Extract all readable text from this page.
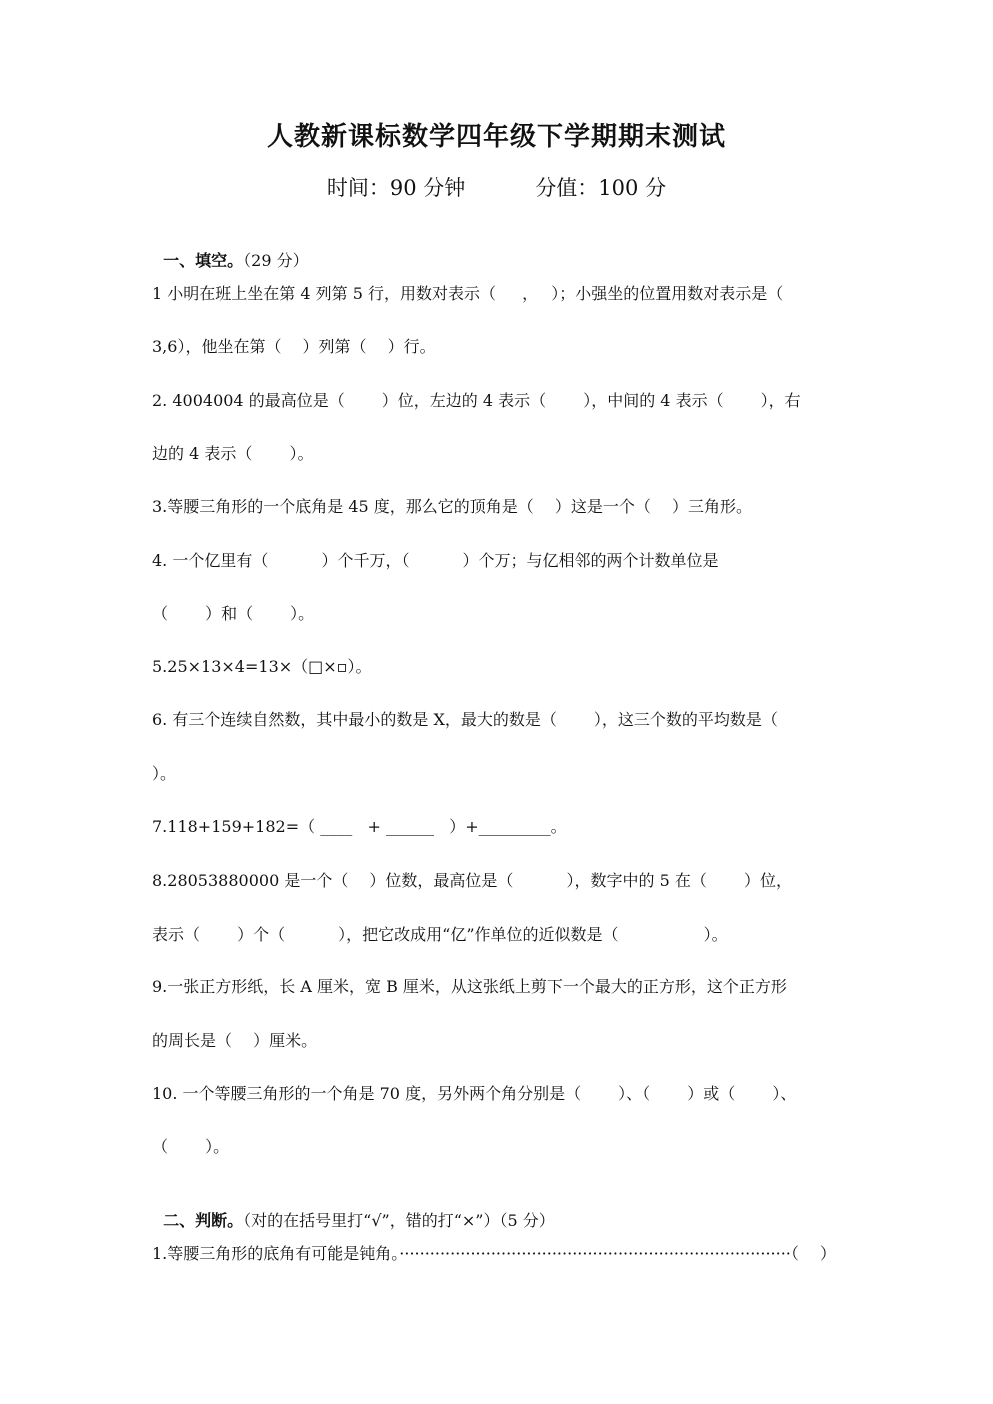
人教新课标数学四年级下学期期末测试
时间：90 分钟	分值：100 分

一、填空。（29 分）

1 小明在班上坐在第 4 列第 5 行，用数对表示（　  ，　 ）；小强坐的位置用数对表示是（
3,6），他坐在第（　 ）列第（　 ）行。
2. 4004004 的最高位是（　　 ）位，左边的 4 表示（　　 ），中间的 4 表示（　　 ），右
边的 4 表示（　　 ）。
3.等腰三角形的一个底角是 45 度，那么它的顶角是（　 ）这是一个（　 ）三角形。
4. 一个亿里有（　　　 ）个千万，（　　　 ）个万；与亿相邻的两个计数单位是
（　　 ）和（　　 ）。
5.25×13×4=13×（□×▫）。
6. 有三个连续自然数，其中最小的数是 X，最大的数是（　　 ），这三个数的平均数是（
）。
7.118+159+182=（ ____   + ______   ）+_________。
8.28053880000 是一个（　 ）位数，最高位是（　　　 ），数字中的 5 在（　　 ）位，
表示（　　 ）个（　　　 ），把它改成用“亿”作单位的近似数是（　　　　　 ）。
9.一张正方形纸，长 A 厘米，宽 B 厘米，从这张纸上剪下一个最大的正方形，这个正方形
的周长是（　 ）厘米。
10. 一个等腰三角形的一个角是 70 度，另外两个角分别是（　　 ）、（　　 ）或（　　 ）、
（　　 ）。

二、判断。（对的在括号里打“√”，错的打“×”）（5 分）

1.等腰三角形的底角有可能是钝角。·············································································（　 ）
